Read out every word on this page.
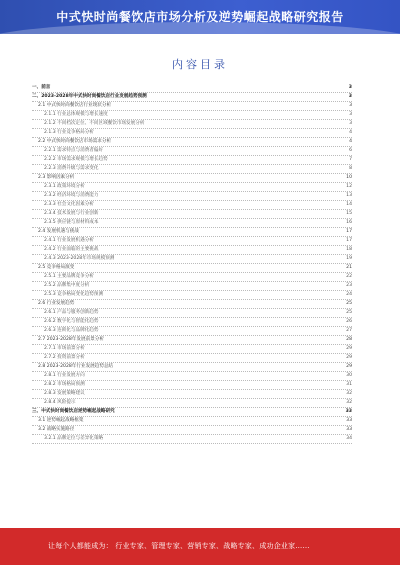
中式快时尚餐饮店市场分析及逆势崛起战略研究报告
内容目录
一、前言	3
二、2023-2028年中式快时尚餐饮店行业发展趋势预测	3
2.1 中式快时尚餐饮店行业现状分析	3
2.1.1 行业总体规模与增长速度	3
2.1.2 不同档次定位、不同区域餐饮市场发展分析	3
2.1.3 行业竞争格局分析	4
2.2 中式快时尚餐饮店市场需求分析	4
2.2.1 需求特点与消费者偏好	6
2.2.2 市场需求规模与增长趋势	7
2.2.3 消费升级与需求变化	8
2.3 影响因素分析	10
2.3.1 政策环境分析	12
2.3.2 经济环境与消费能力	13
2.3.3 社会文化因素分析	14
2.3.4 技术发展与行业创新	15
2.3.5 供应链与原材料成本	16
2.4 发展机遇与挑战	17
2.4.1 行业发展机遇分析	17
2.4.2 行业面临的主要挑战	18
2.4.3 2023-2028年市场规模预测	19
2.5 竞争格局演变	21
2.5.1 主要品牌竞争分析	22
2.5.2 品牌集中度分析	23
2.5.3 竞争格局变化趋势预测	24
2.6 行业发展趋势	25
2.6.1 产品与服务创新趋势	25
2.6.2 数字化与智能化趋势	26
2.6.3 连锁化与品牌化趋势	27
2.7 2023-2028年发展前景分析	28
2.7.1 市场前景分析	29
2.7.2 投资前景分析	29
2.8 2023-2028年行业发展趋势总结	29
2.8.1 行业发展方向	30
2.8.2 市场格局预测	31
2.8.3 发展策略建议	32
2.8.4 风险提示	32
三、中式快时尚餐饮店逆势崛起战略研究	33
3.1 逆势崛起战略框架	33
3.2 战略实施路径	33
3.2.1 品牌定位与差异化策略	34
让每个人都能成为： 行业专家、管理专家、营销专家、战略专家、成功企业家……
